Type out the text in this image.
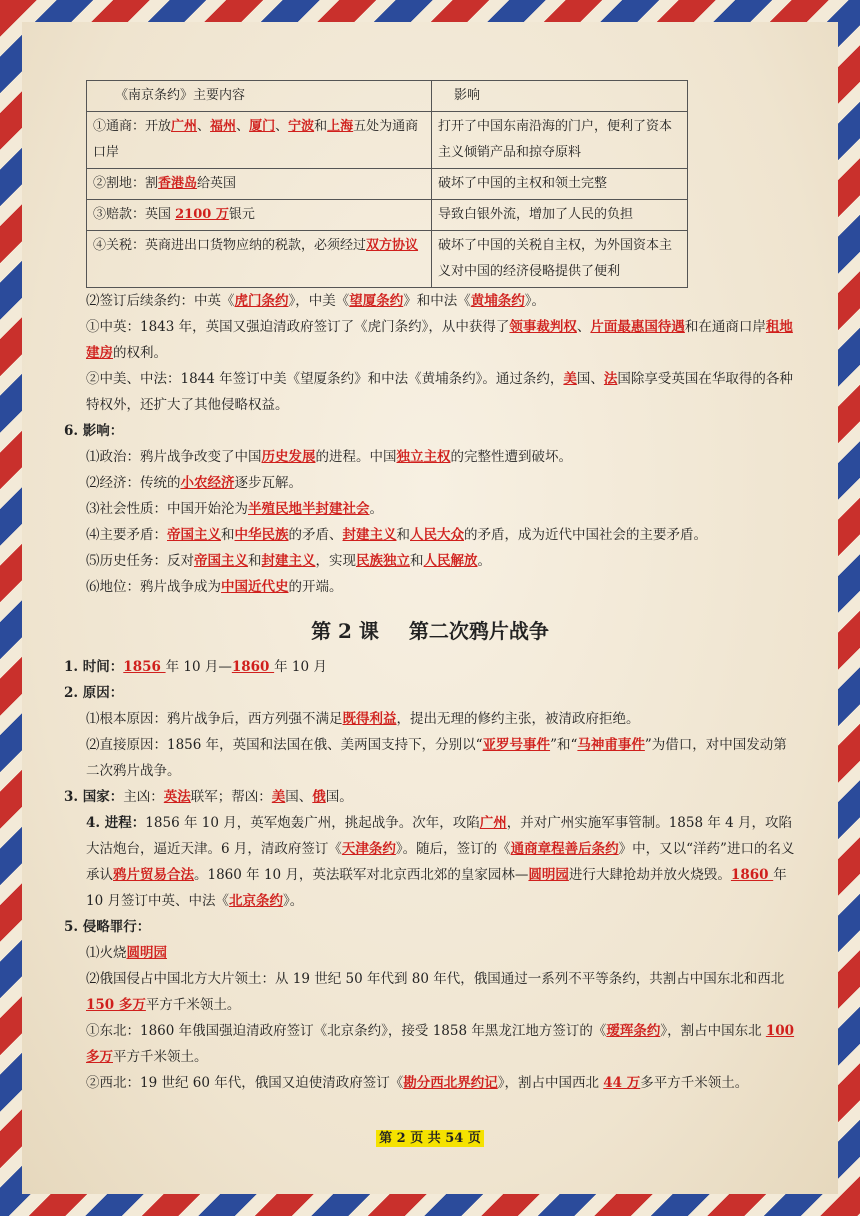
《南京条约》主要内容	影响
①通商：开放广州、福州、厦门、宁波和上海五处为通商口岸	打开了中国东南沿海的门户，便利了资本主义倾销产品和掠夺原料
②割地：割香港岛给英国	破坏了中国的主权和领土完整
③赔款：英国 2100 万银元	导致白银外流，增加了人民的负担
④关税：英商进出口货物应纳的税款，必须经过双方协议	破坏了中国的关税自主权，为外国资本主义对中国的经济侵略提供了便利

⑵签订后续条约：中英《虎门条约》，中美《望厦条约》和中法《黄埔条约》。

①中英：1843 年，英国又强迫清政府签订了《虎门条约》，从中获得了领事裁判权、片面最惠国待遇和在通商口岸租地建房的权利。

②中美、中法：1844 年签订中美《望厦条约》和中法《黄埔条约》。通过条约，美国、法国除享受英国在华取得的各种特权外，还扩大了其他侵略权益。

6. 影响：

⑴政治：鸦片战争改变了中国历史发展的进程。中国独立主权的完整性遭到破坏。

⑵经济：传统的小农经济逐步瓦解。

⑶社会性质：中国开始沦为半殖民地半封建社会。

⑷主要矛盾：帝国主义和中华民族的矛盾、封建主义和人民大众的矛盾，成为近代中国社会的主要矛盾。

⑸历史任务：反对帝国主义和封建主义，实现民族独立和人民解放。

⑹地位：鸦片战争成为中国近代史的开端。

第 2 课 第二次鸦片战争

1. 时间：1856 年 10 月—1860 年 10 月

2. 原因：

⑴根本原因：鸦片战争后，西方列强不满足既得利益，提出无理的修约主张，被清政府拒绝。

⑵直接原因：1856 年，英国和法国在俄、美两国支持下，分别以“亚罗号事件”和“马神甫事件”为借口，对中国发动第二次鸦片战争。

3. 国家：主凶：英法联军；帮凶：美国、俄国。

4. 进程：1856 年 10 月，英军炮轰广州，挑起战争。次年，攻陷广州，并对广州实施军事管制。1858 年 4 月，攻陷大沽炮台，逼近天津。6 月，清政府签订《天津条约》。随后，签订的《通商章程善后条约》中，又以“洋药”进口的名义承认鸦片贸易合法。1860 年 10 月，英法联军对北京西北郊的皇家园林—圆明园进行大肆抢劫并放火烧毁。1860 年 10 月签订中英、中法《北京条约》。

5. 侵略罪行：

⑴火烧圆明园

⑵俄国侵占中国北方大片领土：从 19 世纪 50 年代到 80 年代，俄国通过一系列不平等条约，共割占中国东北和西北 150 多万平方千米领土。

①东北：1860 年俄国强迫清政府签订《北京条约》，接受 1858 年黑龙江地方签订的《瑷珲条约》，割占中国东北 100 多万平方千米领土。

②西北：19 世纪 60 年代，俄国又迫使清政府签订《勘分西北界约记》，割占中国西北 44 万多平方千米领土。

第 2 页 共 54 页
